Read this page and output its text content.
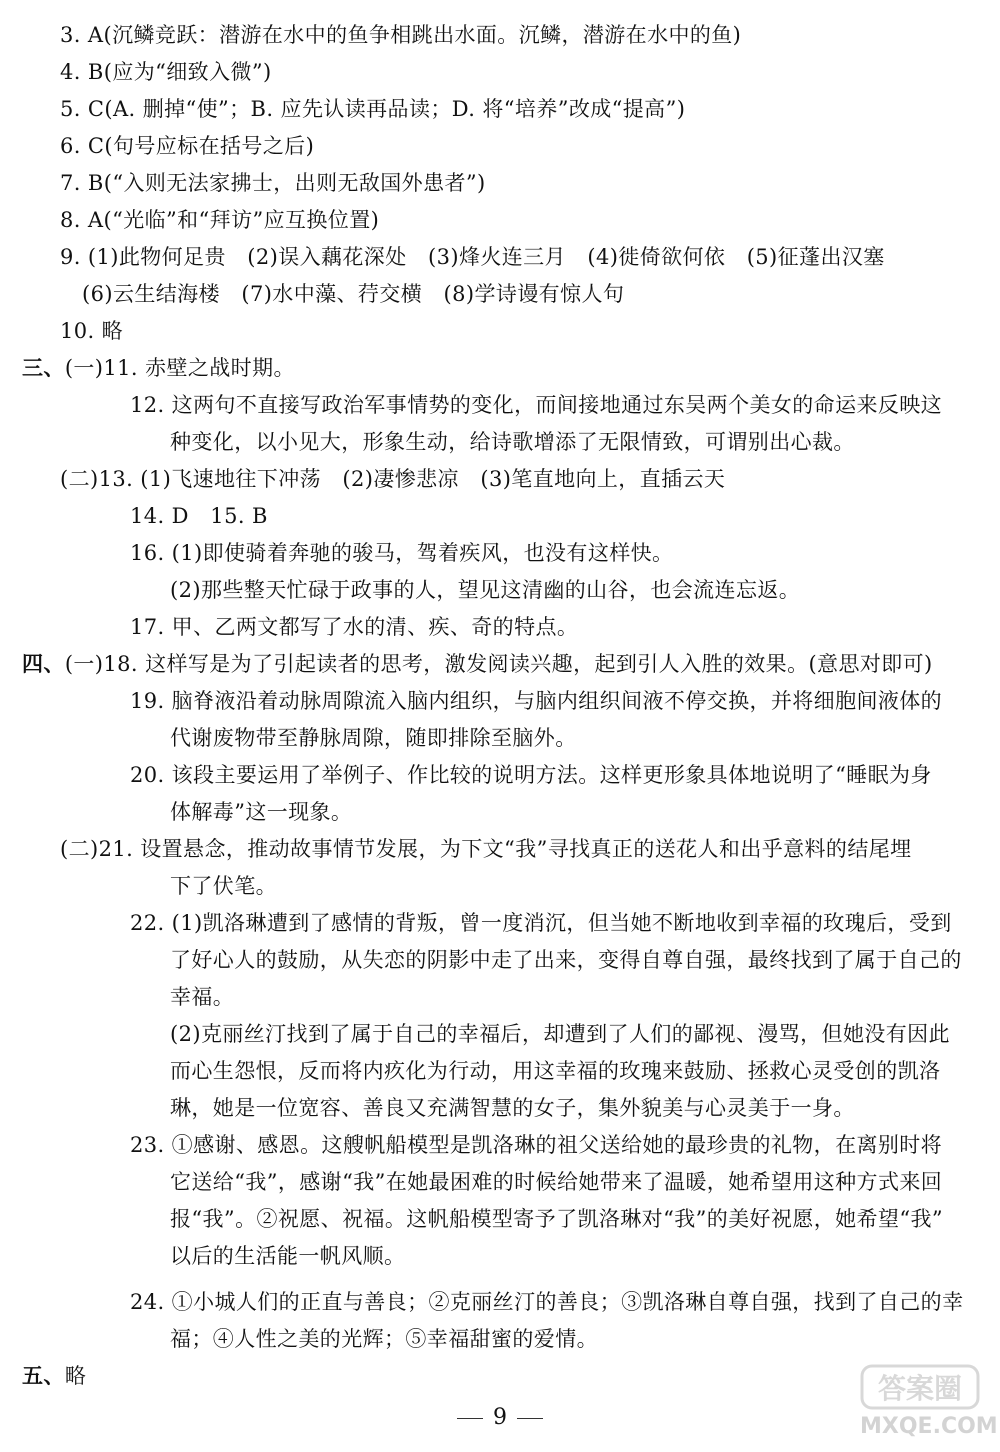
3. A(沉鳞竞跃：潜游在水中的鱼争相跳出水面。沉鳞，潜游在水中的鱼)
4. B(应为“细致入微”)
5. C(A. 删掉“使”；B. 应先认读再品读；D. 将“培养”改成“提高”)
6. C(句号应标在括号之后)
7. B(“入则无法家拂士，出则无敌国外患者”)
8. A(“光临”和“拜访”应互换位置)
9. (1)此物何足贵　(2)误入藕花深处　(3)烽火连三月　(4)徙倚欲何依　(5)征蓬出汉塞
(6)云生结海楼　(7)水中藻、荇交横　(8)学诗谩有惊人句
10. 略
三、(一)11. 赤壁之战时期。
12. 这两句不直接写政治军事情势的变化，而间接地通过东吴两个美女的命运来反映这
种变化，以小见大，形象生动，给诗歌增添了无限情致，可谓别出心裁。
(二)13. (1)飞速地往下冲荡　(2)凄惨悲凉　(3)笔直地向上，直插云天
14. D　15. B
16. (1)即使骑着奔驰的骏马，驾着疾风，也没有这样快。
(2)那些整天忙碌于政事的人，望见这清幽的山谷，也会流连忘返。
17. 甲、乙两文都写了水的清、疾、奇的特点。
四、(一)18. 这样写是为了引起读者的思考，激发阅读兴趣，起到引人入胜的效果。(意思对即可)
19. 脑脊液沿着动脉周隙流入脑内组织，与脑内组织间液不停交换，并将细胞间液体的
代谢废物带至静脉周隙，随即排除至脑外。
20. 该段主要运用了举例子、作比较的说明方法。这样更形象具体地说明了“睡眠为身
体解毒”这一现象。
(二)21. 设置悬念，推动故事情节发展，为下文“我”寻找真正的送花人和出乎意料的结尾埋
下了伏笔。
22. (1)凯洛琳遭到了感情的背叛，曾一度消沉，但当她不断地收到幸福的玫瑰后，受到
了好心人的鼓励，从失恋的阴影中走了出来，变得自尊自强，最终找到了属于自己的
幸福。
(2)克丽丝汀找到了属于自己的幸福后，却遭到了人们的鄙视、漫骂，但她没有因此
而心生怨恨，反而将内疚化为行动，用这幸福的玫瑰来鼓励、拯救心灵受创的凯洛
琳，她是一位宽容、善良又充满智慧的女子，集外貌美与心灵美于一身。
23. ①感谢、感恩。这艘帆船模型是凯洛琳的祖父送给她的最珍贵的礼物，在离别时将
它送给“我”，感谢“我”在她最困难的时候给她带来了温暖，她希望用这种方式来回
报“我”。②祝愿、祝福。这帆船模型寄予了凯洛琳对“我”的美好祝愿，她希望“我”
以后的生活能一帆风顺。
24. ①小城人们的正直与善良；②克丽丝汀的善良；③凯洛琳自尊自强，找到了自己的幸
福；④人性之美的光辉；⑤幸福甜蜜的爱情。
五、略
9
答案圈
MXQE.COM
